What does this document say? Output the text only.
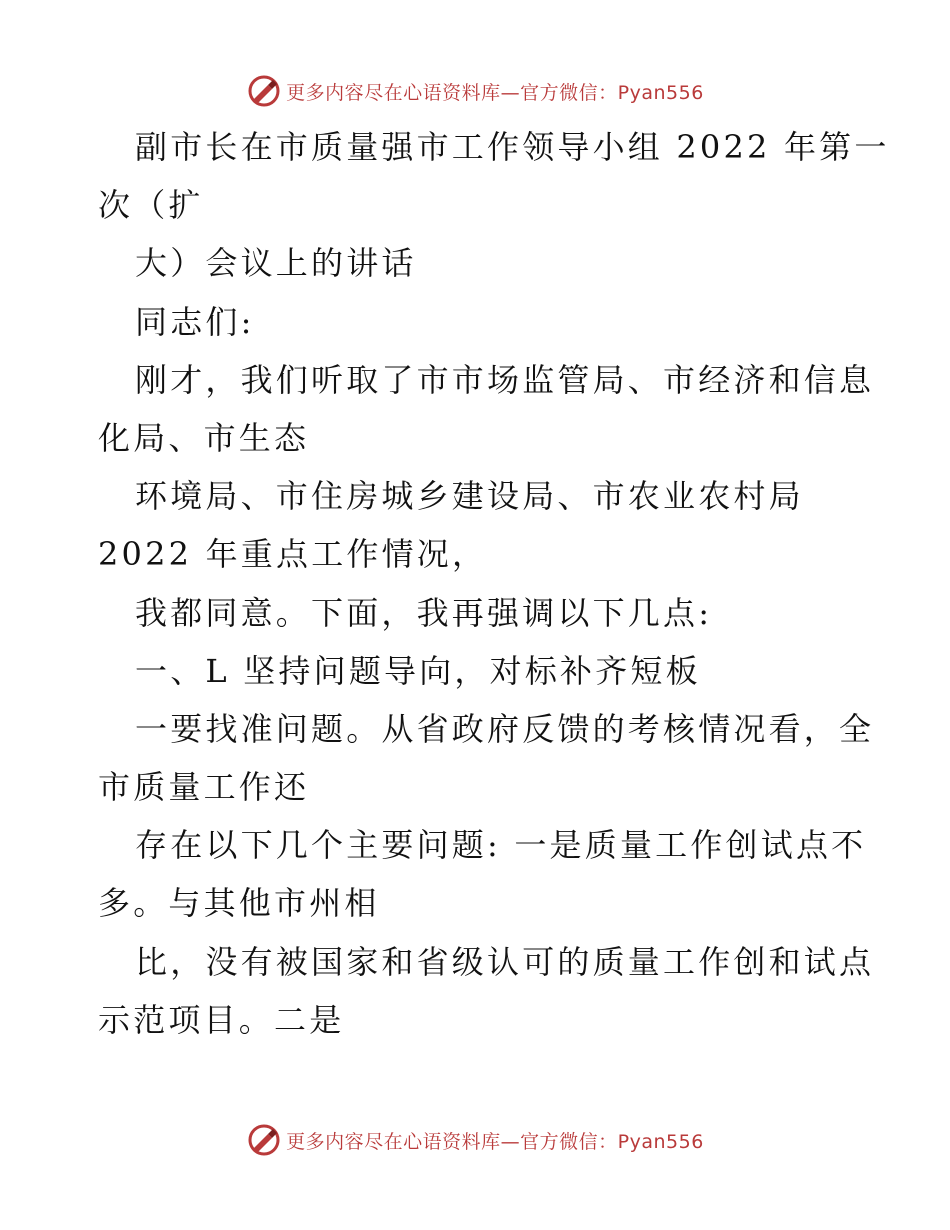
更多内容尽在心语资料库—官方微信：Pyan556
副市长在市质量强市工作领导小组 2022 年第一
次（扩
大）会议上的讲话
同志们:
刚才，我们听取了市市场监管局、市经济和信息
化局、市生态
环境局、市住房城乡建设局、市农业农村局
2022 年重点工作情况，
我都同意。下面，我再强调以下几点:
一、L 坚持问题导向，对标补齐短板
一要找准问题。从省政府反馈的考核情况看，全
市质量工作还
存在以下几个主要问题: 一是质量工作创试点不
多。与其他市州相
比，没有被国家和省级认可的质量工作创和试点
示范项目。二是
更多内容尽在心语资料库—官方微信：Pyan556
